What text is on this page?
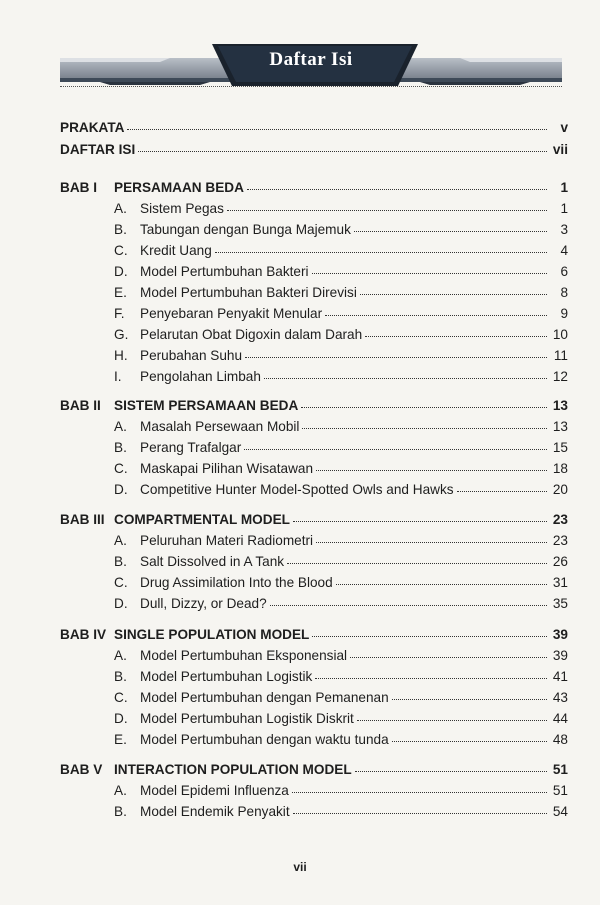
Daftar Isi
PRAKATA	v
DAFTAR ISI	vii
BAB I	PERSAMAAN BEDA	1
A. Sistem Pegas	1
B. Tabungan dengan Bunga Majemuk	3
C. Kredit Uang	4
D. Model Pertumbuhan Bakteri	6
E. Model Pertumbuhan Bakteri Direvisi	8
F.	Penyebaran Penyakit Menular	9
G. Pelarutan Obat Digoxin dalam Darah	10
H. Perubahan Suhu	11
I.	Pengolahan Limbah	12
BAB II SISTEM PERSAMAAN BEDA	13
A. Masalah Persewaan Mobil	13
B. Perang Trafalgar	15
C. Maskapai Pilihan Wisatawan	18
D. Competitive Hunter Model-Spotted Owls and Hawks	20
BAB III COMPARTMENTAL MODEL	23
A. Peluruhan Materi Radiometri	23
B. Salt Dissolved in A Tank	26
C. Drug Assimilation Into the Blood	31
D. Dull, Dizzy, or Dead?	35
BAB IV SINGLE POPULATION MODEL	39
A. Model Pertumbuhan Eksponensial	39
B. Model Pertumbuhan Logistik	41
C. Model Pertumbuhan dengan Pemanenan	43
D. Model Pertumbuhan Logistik Diskrit	44
E. Model Pertumbuhan dengan waktu tunda	48
BAB V INTERACTION POPULATION MODEL	51
A. Model Epidemi Influenza	51
B. Model Endemik Penyakit	54
vii
